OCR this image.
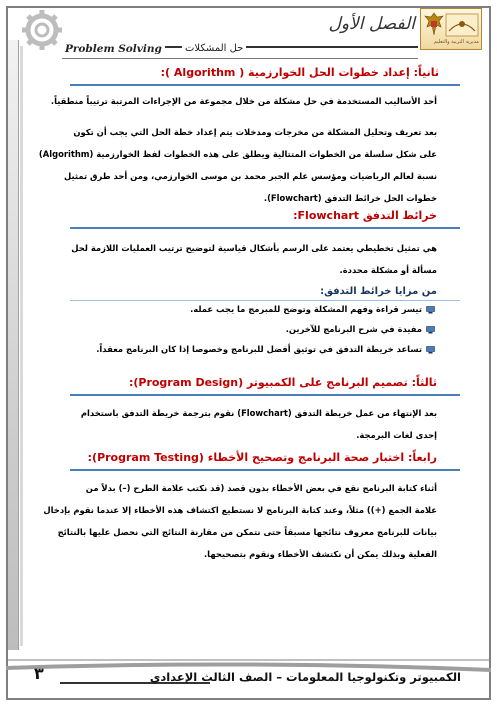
الفصل الأول
Problem Solving	حل المشكلات
مديرية التربية والتعليم
ثانياً: إعداد خطوات الحل الخوارزمية ( Algorithm ):
أحد الأساليب المستخدمة في حل مشكلة من خلال مجموعة من الإجراءات المرتبة ترتيباً منطقياً.
بعد تعريف وتحليل المشكلة من مخرجات ومدخلات يتم إعداد خطة الحل التي يجب أن تكون
على شكل سلسلة من الخطوات المتتالية ويطلق على هذه الخطوات لفظ الخوارزمية (Algorithm)
نسبة لعالم الرياضيات ومؤسس علم الجبر محمد بن موسى الخوارزمي، ومن أحد طرق تمثيل
خطوات الحل خرائط التدفق (Flowchart).
خرائط التدفق Flowchart:
هي تمثيل تخطيطي يعتمد على الرسم بأشكال قياسية لتوضيح ترتيب العمليات اللازمة لحل
مسألة أو مشكلة محددة.
من مزايا خرائط التدفق:
تيسر قراءة وفهم المشكلة وتوضح للمبرمج ما يجب عمله.
مفيدة في شرح البرنامج للآخرين.
تساعد خريطة التدفق في توثيق أفضل للبرنامج وخصوصا إذا كان البرنامج معقداً.
ثالثاً: تصميم البرنامج على الكمبيوتر (Program Design):
بعد الإنتهاء من عمل خريطة التدفق (Flowchart) نقوم بترجمة خريطة التدفق باستخدام
إحدى لغات البرمجة.
رابعاً: اختبار صحة البرنامج وتصحيح الأخطاء (Program Testing):
أثناء كتابة البرنامج نقع في بعض الأخطاء بدون قصد (قد نكتب علامة الطرح (–) بدلاً من
علامة الجمع (+)) مثلاً، وعند كتابة البرنامج لا نستطيع اكتشاف هذه الأخطاء إلا عندما نقوم بإدخال
بيانات للبرنامج معروف نتائجها مسبقاً حتى نتمكن من مقارنة النتائج التي نحصل عليها بالنتائج
الفعلية وبذلك يمكن أن نكتشف الأخطاء ونقوم بتصحيحها.
٣	الكمبيوتر وتكنولوجيا المعلومات – الصف الثالث الإعدادي
